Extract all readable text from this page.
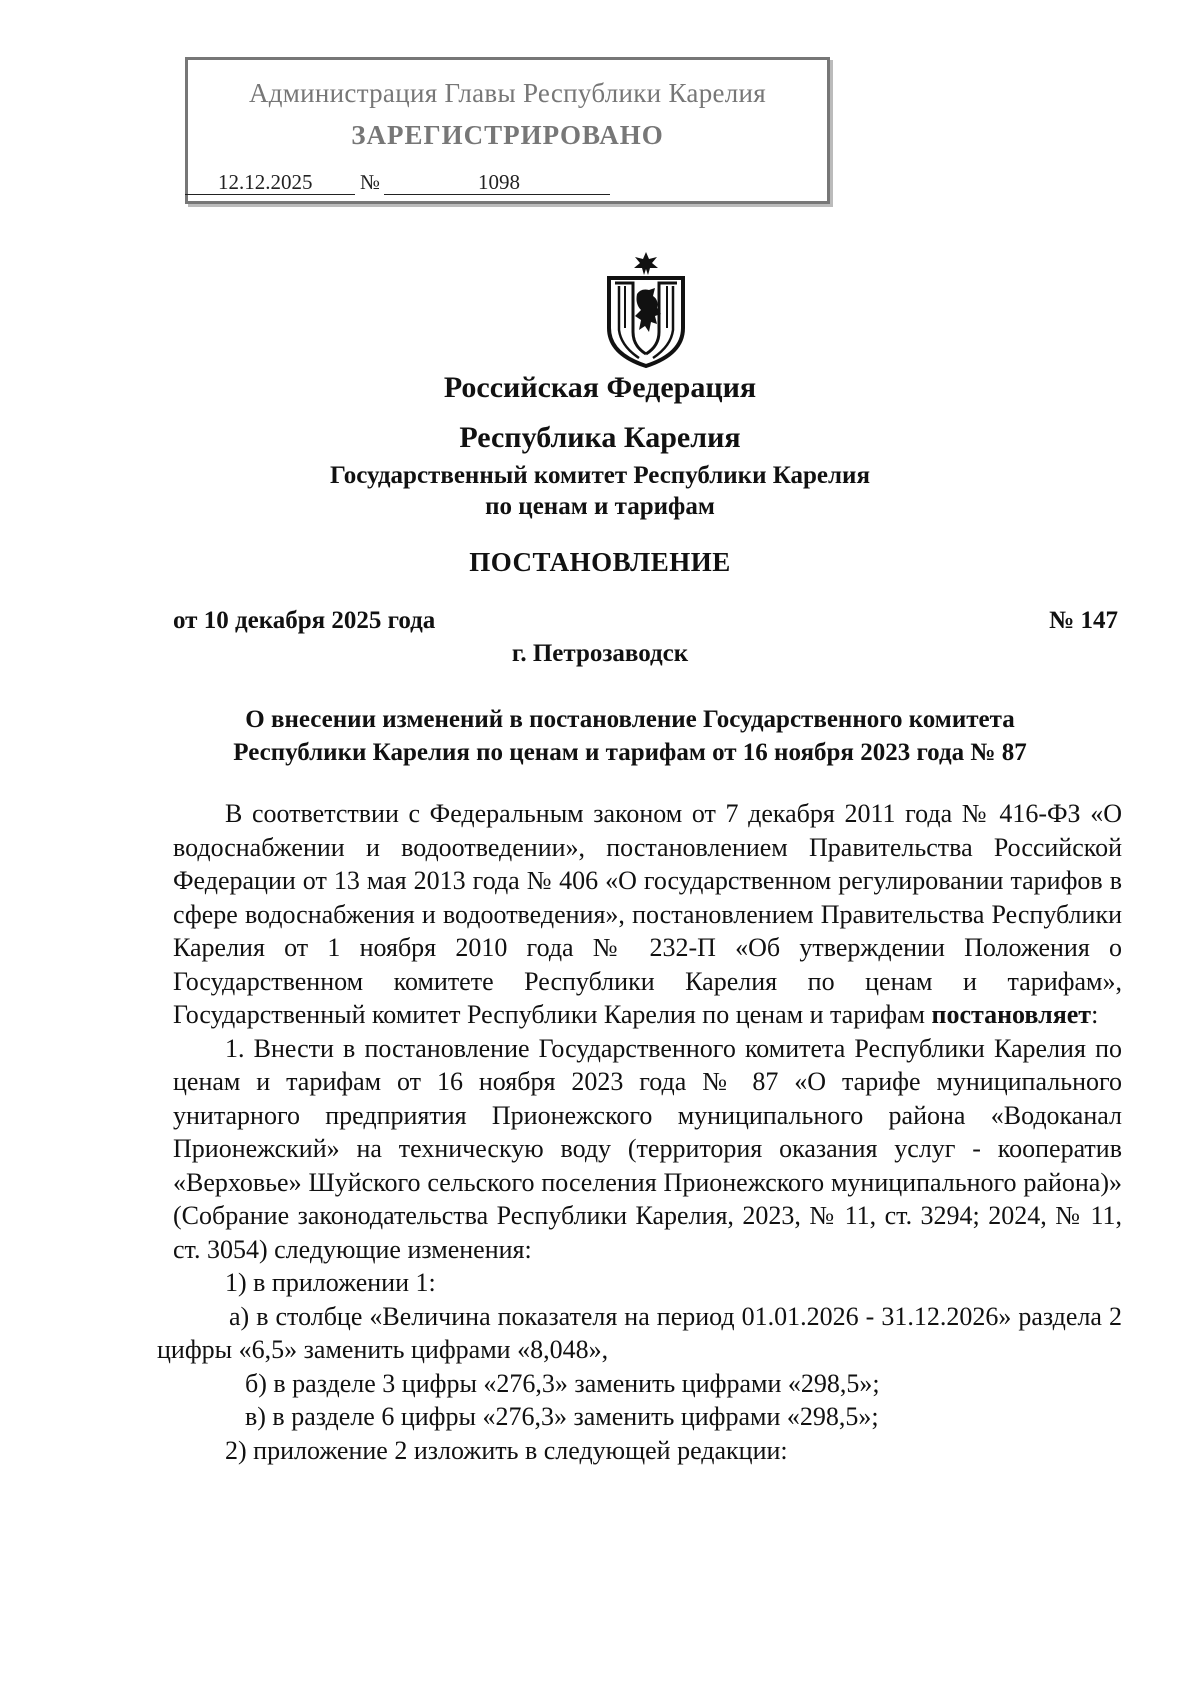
Администрация Главы Республики Карелия
ЗАРЕГИСТРИРОВАНО
12.12.2025 №	1098
Российская Федерация
Республика Карелия
Государственный комитет Республики Карелия
по ценам и тарифам
ПОСТАНОВЛЕНИЕ
от 10 декабря 2025 года	№ 147
г. Петрозаводск
О внесении изменений в постановление Государственного комитета
Республики Карелия по ценам и тарифам от 16 ноября 2023 года № 87

В соответствии с Федеральным законом от 7 декабря 2011 года № 416-ФЗ «О водоснабжении и водоотведении», постановлением Правительства Российской Федерации от 13 мая 2013 года № 406 «О государственном регулировании тарифов в сфере водоснабжения и водоотведения», постановлением Правительства Республики Карелия от 1 ноября 2010 года № 232-П «Об утверждении Положения о Государственном комитете Республики Карелия по ценам и тарифам», Государственный комитет Республики Карелия по ценам и тарифам постановляет:

1. Внести в постановление Государственного комитета Республики Карелия по ценам и тарифам от 16 ноября 2023 года № 87 «О тарифе муниципального унитарного предприятия Прионежского муниципального района «Водоканал Прионежский» на техническую воду (территория оказания услуг - кооператив «Верховье» Шуйского сельского поселения Прионежского муниципального района)» (Собрание законодательства Республики Карелия, 2023, № 11, ст. 3294; 2024, № 11, ст. 3054) следующие изменения:

1) в приложении 1:

а) в столбце «Величина показателя на период 01.01.2026 - 31.12.2026» раздела 2 цифры «6,5» заменить цифрами «8,048»,

б) в разделе 3 цифры «276,3» заменить цифрами «298,5»;

в) в разделе 6 цифры «276,3» заменить цифрами «298,5»;

2) приложение 2 изложить в следующей редакции:
